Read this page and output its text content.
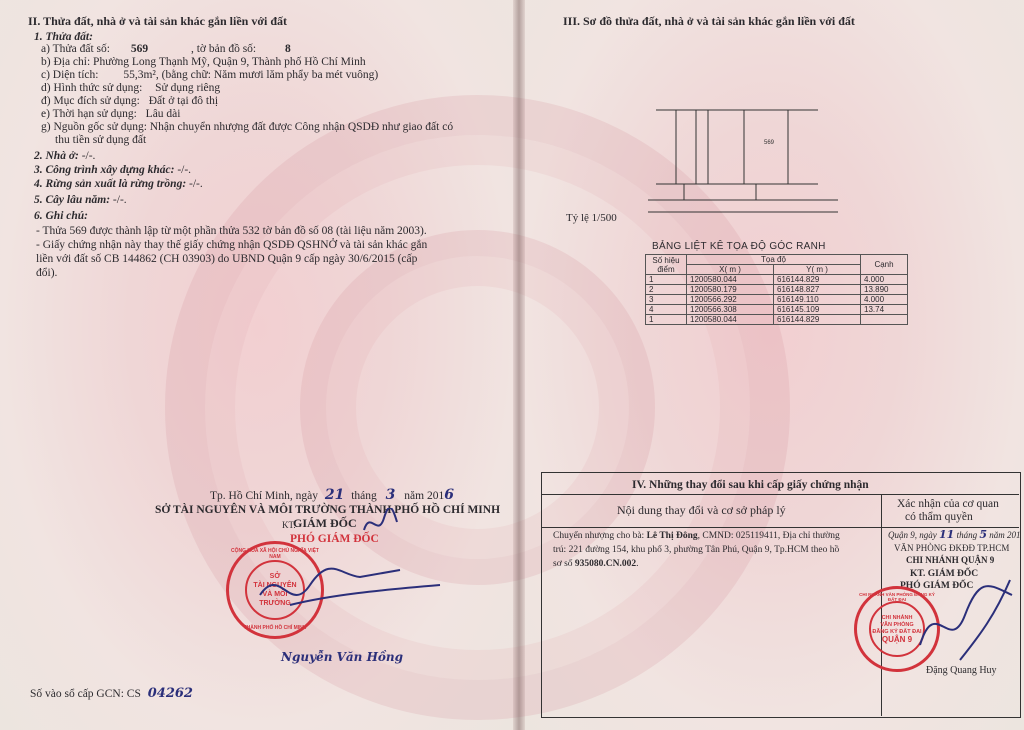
II. Thửa đất, nhà ở và tài sản khác gắn liền với đất
1. Thửa đất:
a) Thửa đất số: 569	, tờ bản đồ số:	8
b) Địa chỉ: Phường Long Thạnh Mỹ, Quận 9, Thành phố Hồ Chí Minh
c) Diện tích: 55,3m², (bằng chữ: Năm mươi lăm phẩy ba mét vuông)
d) Hình thức sử dụng: Sử dụng riêng
đ) Mục đích sử dụng: Đất ở tại đô thị
e) Thời hạn sử dụng: Lâu dài
g) Nguồn gốc sử dụng: Nhận chuyển nhượng đất được Công nhận QSDĐ như giao đất có
thu tiền sử dụng đất
2. Nhà ở: -/-.
3. Công trình xây dựng khác: -/-.
4. Rừng sản xuất là rừng trồng: -/-.
5. Cây lâu năm: -/-.
6. Ghi chú:
- Thửa 569 được thành lập từ một phần thửa 532 tờ bản đồ số 08 (tài liệu năm 2003).
- Giấy chứng nhận này thay thế giấy chứng nhận QSDĐ QSHNỞ và tài sản khác gắn
liền với đất số CB 144862 (CH 03903) do UBND Quận 9 cấp ngày 30/6/2015 (cấp
đổi).
Tp. Hồ Chí Minh, ngày 21 tháng 3 năm 2016
SỞ TÀI NGUYÊN VÀ MÔI TRƯỜNG THÀNH PHỐ HỒ CHÍ MINH
KT.
GIÁM ĐỐC
PHÓ GIÁM ĐỐC
SỞ
TÀI NGUYÊN
VÀ MÔI TRƯỜNG
CỘNG HÒA XÃ HỘI CHỦ NGHĨA VIỆT NAM
THÀNH PHỐ HỒ CHÍ MINH
Nguyễn Văn Hồng
Số vào sổ cấp GCN: CS 04262
III. Sơ đồ thửa đất, nhà ở và tài sản khác gắn liền với đất
569
Tỷ lệ 1/500
BẢNG LIỆT KÊ TỌA ĐỘ GÓC RANH
Số hiệu điểm	Tọa độ		Cạnh
	X( m )	Y( m )	
1	1200580.044	616144.829	4.000
2	1200580.179	616148.827	13.890
3	1200566.292	616149.110	4.000
4	1200566.308	616145.109	13.74
1	1200580.044	616144.829	
IV. Những thay đổi sau khi cấp giấy chứng nhận
Nội dung thay đổi và cơ sở pháp lý	Xác nhận của cơ quan
có thẩm quyền
Chuyển nhượng cho bà: Lê Thị Đông, CMND: 025119411, Địa chỉ thường
trú: 221 đường 154, khu phố 3, phường Tân Phú, Quận 9, Tp.HCM theo hồ
sơ số 935080.CN.002.
Quận 9, ngày 11 tháng 5 năm 201
VĂN PHÒNG ĐKĐĐ TP.HCM
CHI NHÁNH QUẬN 9
KT. GIÁM ĐỐC
PHÓ GIÁM ĐỐC
CHI NHÁNH
VĂN PHÒNG
ĐĂNG KÝ ĐẤT ĐAI
QUẬN 9
CHI NHÁNH VĂN PHÒNG ĐĂNG KÝ ĐẤT ĐAI
Đặng Quang Huy
